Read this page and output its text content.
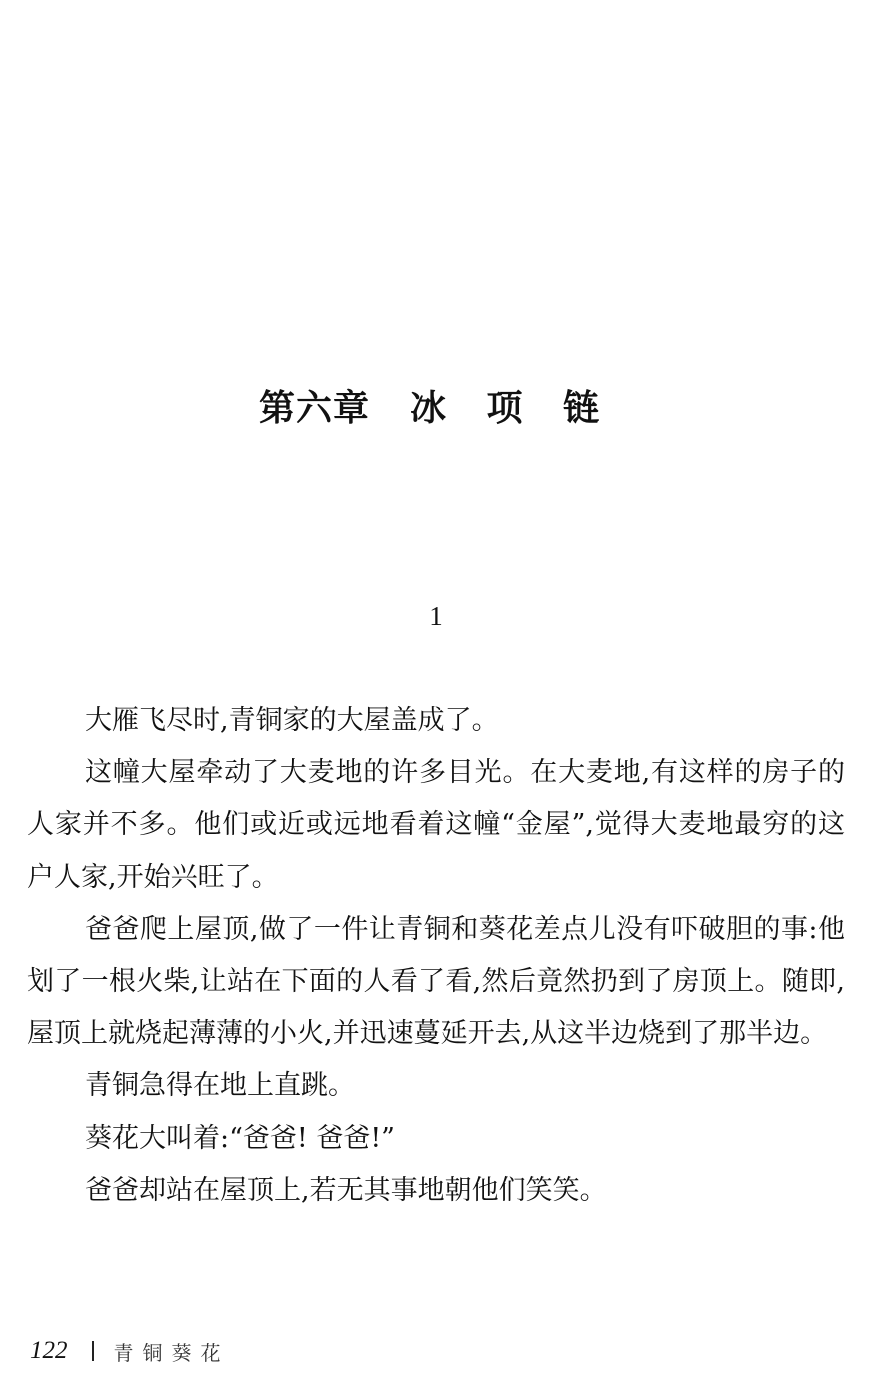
第六章 冰 项 链
1

大雁飞尽时,青铜家的大屋盖成了。

这幢大屋牵动了大麦地的许多目光。在大麦地,有这样的房子的人家并不多。他们或近或远地看着这幢“金屋”,觉得大麦地最穷的这户人家,开始兴旺了。

爸爸爬上屋顶,做了一件让青铜和葵花差点儿没有吓破胆的事:他划了一根火柴,让站在下面的人看了看,然后竟然扔到了房顶上。随即,屋顶上就烧起薄薄的小火,并迅速蔓延开去,从这半边烧到了那半边。

青铜急得在地上直跳。

葵花大叫着:“爸爸! 爸爸!”

爸爸却站在屋顶上,若无其事地朝他们笑笑。

122 青铜葵花
